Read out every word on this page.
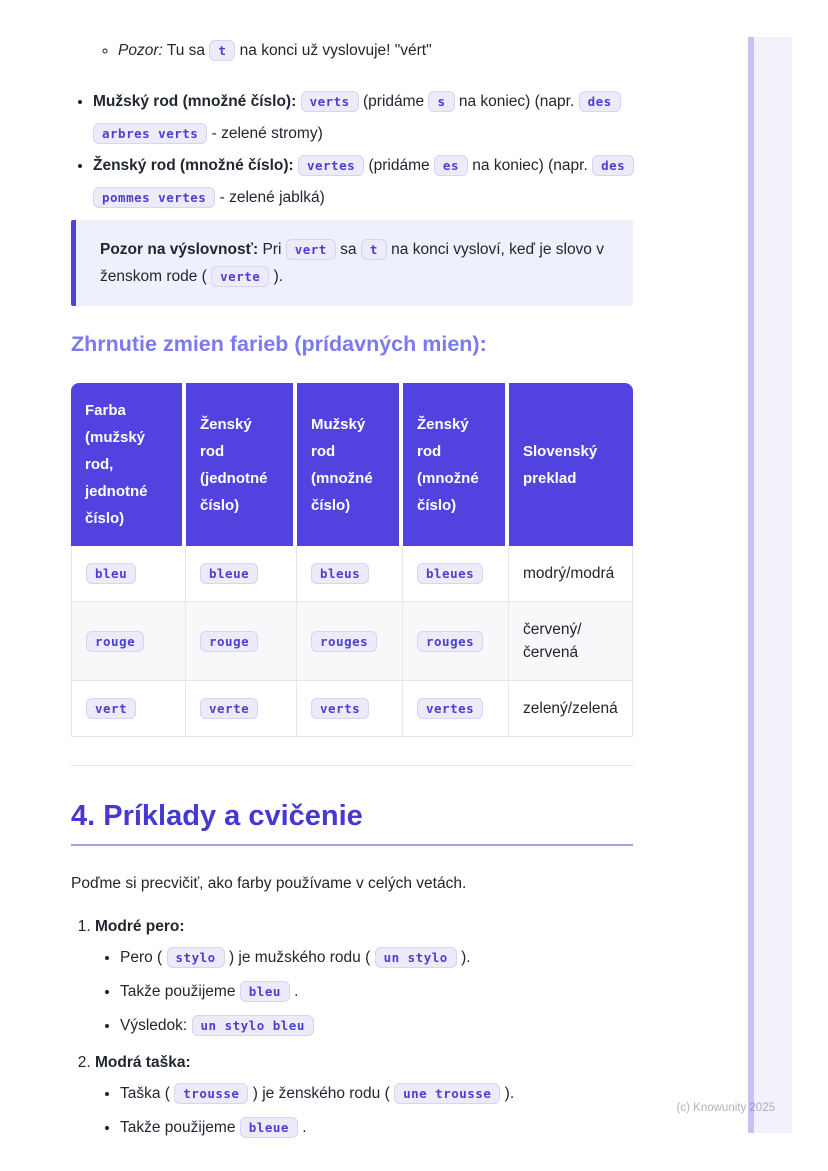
◦ Pozor: Tu sa t na konci už vyslovuje! "vért"
• Mužský rod (množné číslo): verts (pridáme s na koniec) (napr. des arbres verts - zelené stromy)
• Ženský rod (množné číslo): vertes (pridáme es na koniec) (napr. des pommes vertes - zelené jablká)

Pozor na výslovnosť: Pri vert sa t na konci vysloví, keď je slovo v ženskom rode ( verte ).

Zhrnutie zmien farieb (prídavných mien):
Farba (mužský rod, jednotné číslo)	Ženský rod (jednotné číslo)	Mužský rod (množné číslo)	Ženský rod (množné číslo)	Slovenský preklad
bleu	bleue	bleus	bleues	modrý/modrá
rouge	rouge	rouges	rouges	červený/červená
vert	verte	verts	vertes	zelený/zelená
4. Príklady a cvičenie

Poďme si precvičiť, ako farby používame v celých vetách.

1. Modré pero:
• Pero ( stylo ) je mužského rodu ( un stylo ).
• Takže použijeme bleu .
• Výsledok: un stylo bleu
2. Modrá taška:
• Taška ( trousse ) je ženského rodu ( une trousse ).
• Takže použijeme bleue .
(c) Knowunity 2025
